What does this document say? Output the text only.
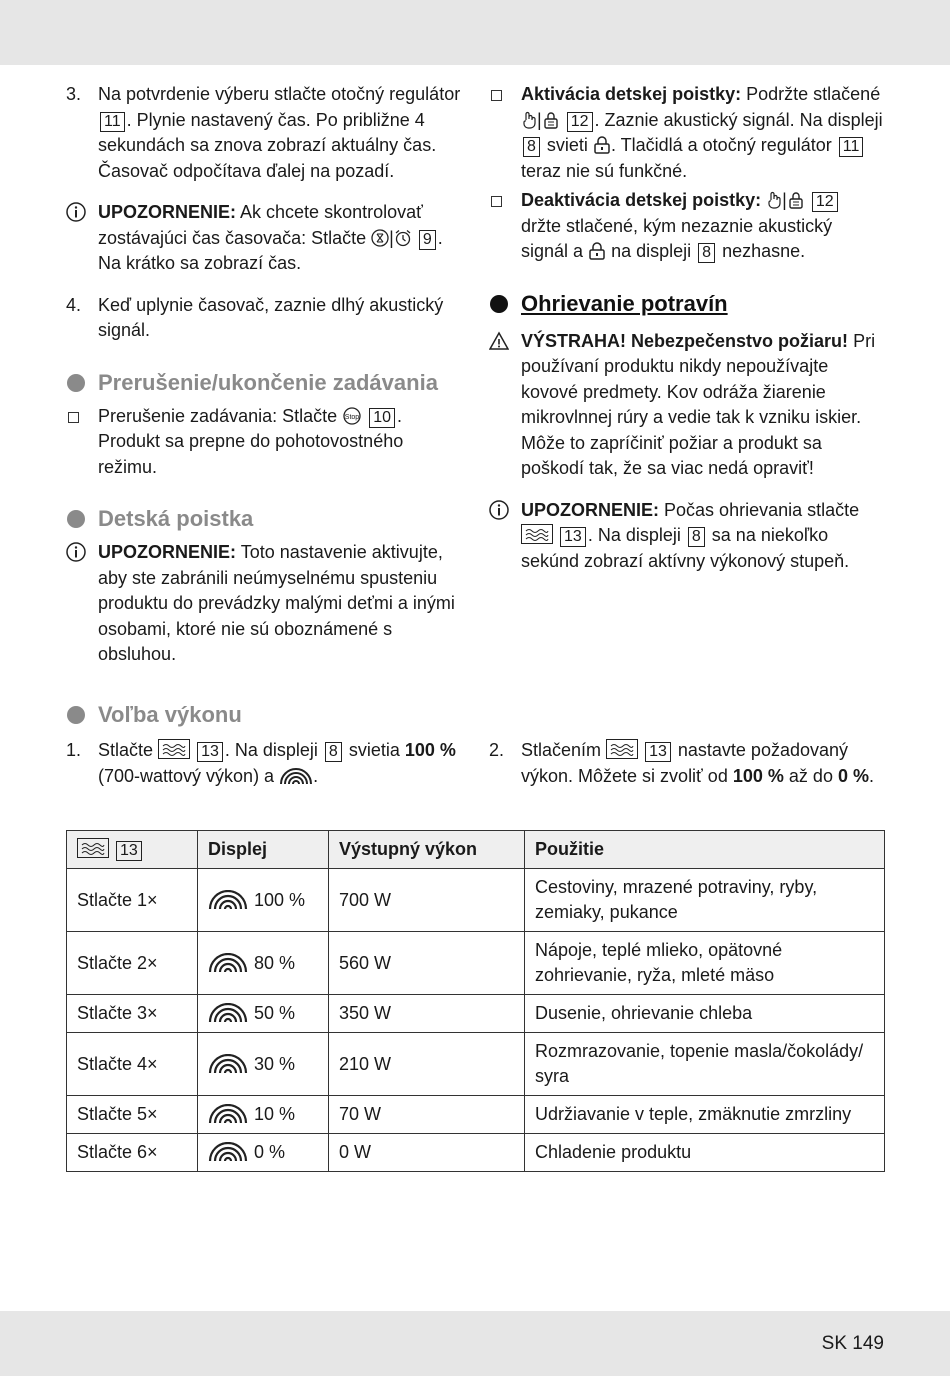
3. Na potvrdenie výberu stlačte otočný regulátor 11 . Plynie nastavený čas. Po približne 4 sekundách sa znova zobrazí aktuálny čas. Časovač odpočítava ďalej na pozadí.

UPOZORNENIE: Ak chcete skontrolovať zostávajúci čas časovača: Stlačte | 9 . Na krátko sa zobrazí čas.

4. Keď uplynie časovač, zaznie dlhý akustický signál.

Prerušenie/ukončenie zadávania

Prerušenie zadávania: Stlačte Stop 10 . Produkt sa prepne do pohotovostného režimu.

Detská poistka

UPOZORNENIE: Toto nastavenie aktivujte, aby ste zabránili neúmyselnému spusteniu produktu do prevádzky malými deťmi a inými osobami, ktoré nie sú oboznámené s obsluhou.

Aktivácia detskej poistky: Podržte stlačené | 12 . Zaznie akustický signál. Na displeji 8 svieti . Tlačidlá a otočný regulátor 11 teraz nie sú funkčné.

Deaktivácia detskej poistky: | 12 držte stlačené, kým nezaznie akustický signál a na displeji 8 nezhasne.

Ohrievanie potravín

VÝSTRAHA! Nebezpečenstvo požiaru! Pri používaní produktu nikdy nepoužívajte kovové predmety. Kov odráža žiarenie mikrovlnnej rúry a vedie tak k vzniku iskier. Môže to zapríčiniť požiar a produkt sa poškodí tak, že sa viac nedá opraviť!

UPOZORNENIE: Počas ohrievania stlačte  13 . Na displeji 8 sa na niekoľko sekúnd zobrazí aktívny výkonový stupeň.

Voľba výkonu

1. Stlačte	13 . Na displeji 8 svietia 100 % (700-wattový výkon) a .

2. Stlačením	13 nastavte požadovaný výkon. Môžete si zvoliť od 100 % až do 0 %.

13	Displej	Výstupný výkon	Použitie
Stlačte 1×	100 %	700 W	Cestoviny, mrazené potraviny, ryby, zemiaky, pukance
Stlačte 2×	80 %	560 W	Nápoje, teplé mlieko, opätovné zohrievanie, ryža, mleté mäso
Stlačte 3×	50 %	350 W	Dusenie, ohrievanie chleba
Stlačte 4×	30 %	210 W	Rozmrazovanie, topenie masla/čokolády/ syra
Stlačte 5×	10 %	70 W	Udržiavanie v teple, zmäknutie zmrzliny
Stlačte 6×	0 %	0 W	Chladenie produktu
SK 149
